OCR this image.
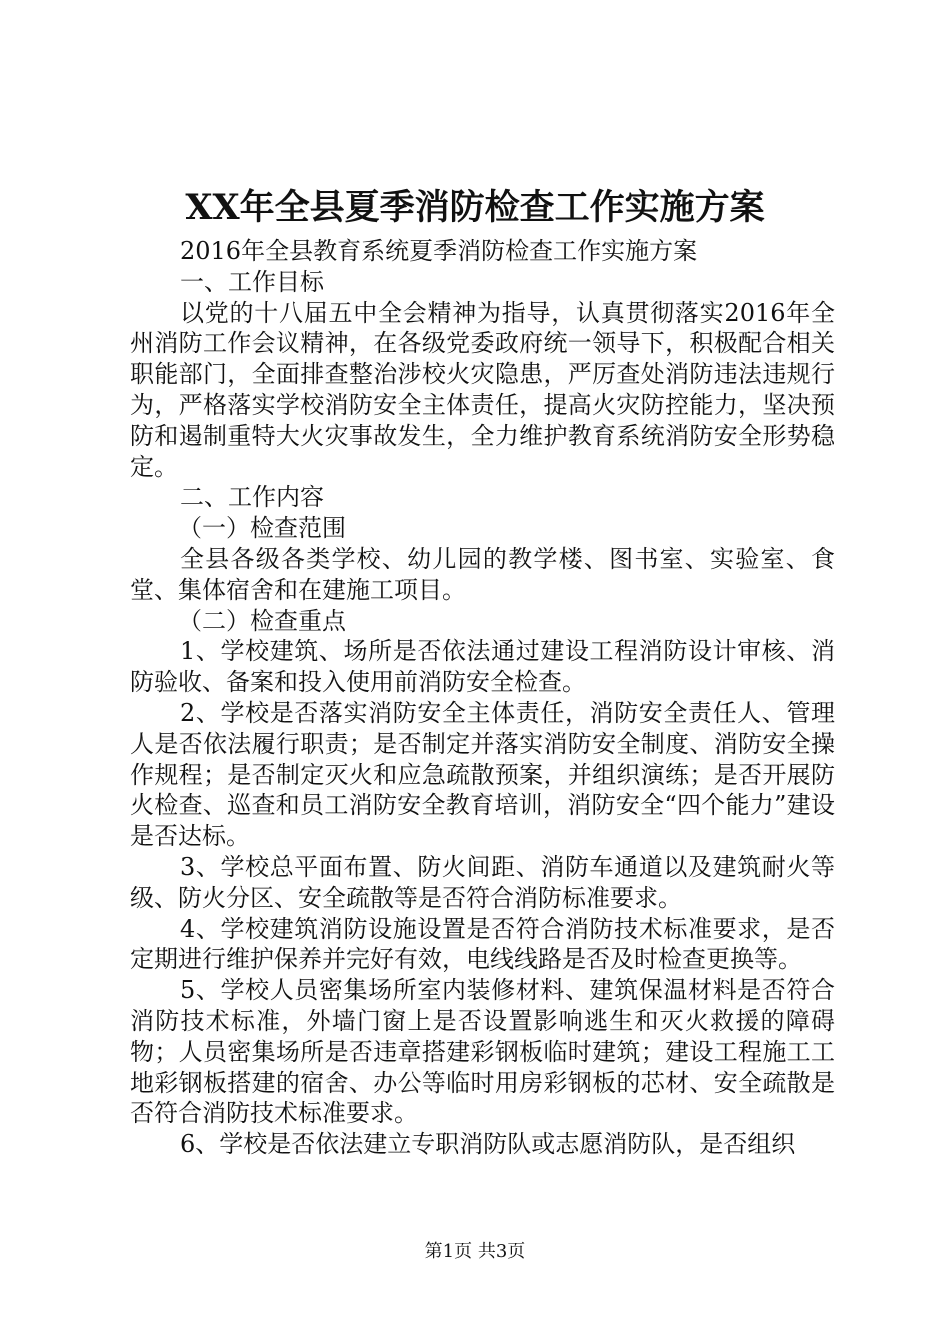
XX年全县夏季消防检查工作实施方案

2016年全县教育系统夏季消防检查工作实施方案

一、工作目标

以党的十八届五中全会精神为指导，认真贯彻落实2016年全州消防工作会议精神，在各级党委政府统一领导下，积极配合相关职能部门，全面排查整治涉校火灾隐患，严厉查处消防违法违规行为，严格落实学校消防安全主体责任，提高火灾防控能力，坚决预防和遏制重特大火灾事故发生，全力维护教育系统消防安全形势稳定。

二、工作内容

（一）检查范围

全县各级各类学校、幼儿园的教学楼、图书室、实验室、食堂、集体宿舍和在建施工项目。

（二）检查重点

1、学校建筑、场所是否依法通过建设工程消防设计审核、消防验收、备案和投入使用前消防安全检查。

2、学校是否落实消防安全主体责任，消防安全责任人、管理人是否依法履行职责；是否制定并落实消防安全制度、消防安全操作规程；是否制定灭火和应急疏散预案，并组织演练；是否开展防火检查、巡查和员工消防安全教育培训，消防安全“四个能力”建设是否达标。

3、学校总平面布置、防火间距、消防车通道以及建筑耐火等级、防火分区、安全疏散等是否符合消防标准要求。

4、学校建筑消防设施设置是否符合消防技术标准要求，是否定期进行维护保养并完好有效，电线线路是否及时检查更换等。

5、学校人员密集场所室内装修材料、建筑保温材料是否符合消防技术标准，外墙门窗上是否设置影响逃生和灭火救援的障碍物；人员密集场所是否违章搭建彩钢板临时建筑；建设工程施工工地彩钢板搭建的宿舍、办公等临时用房彩钢板的芯材、安全疏散是否符合消防技术标准要求。

6、学校是否依法建立专职消防队或志愿消防队，是否组织

第1页 共3页
